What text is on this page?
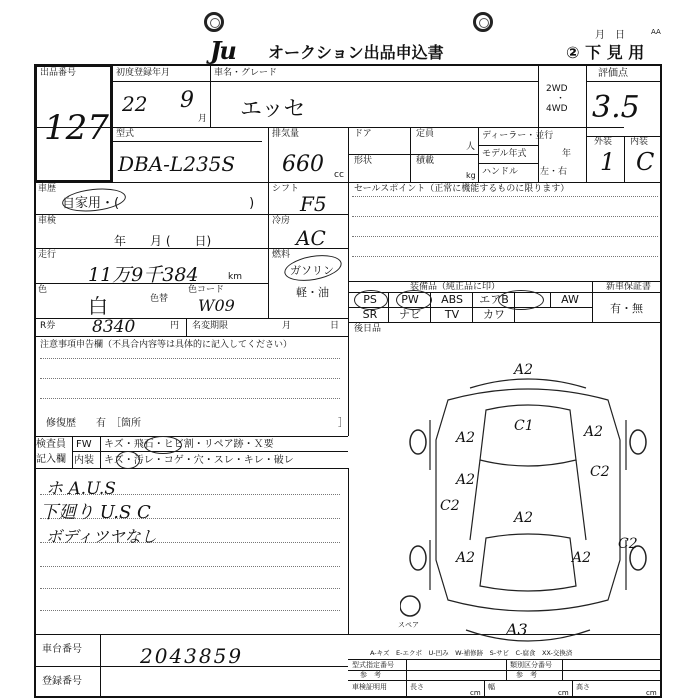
Ju オークション出品申込書
月　日	AA
② 下 見 用
出品番号
127
初度登録年月
22 9
月
車名・グレード
エッセ
2WD
・
4WD
評価点
3.5
外装 内装
1 C
型式
DBA-L235S
排気量
660 cc
ドア	定員
人
形状	積載
kg
ディーラー・並行
モデル年式	年
ハンドル 左・右
車歴
自家用・(　　　　　　　　　　)
シフト
F5
車検
年　　月 (　　日)
冷房
AC
走行
11万9千384	km
燃料
ガソリン
軽・油
色
白	色替
色コード
W09
セールスポイント（正常に機能するものに限ります）
装備品（純正品に印）	新車保証書
有・無
PS	PW	ABS	エアB	AW
SR	ナビ	TV	カワ
R券 8340	円 名変期限	月	日 後日品
注意事項申告欄（不具合内容等は具体的に記入してください）
修復歴　　有　［箇所	］
検査員
記入欄
FW キズ・飛石・ヒビ割・リペア跡・Ｘ要
内装 キズ・汚レ・コゲ・穴・スレ・キレ・破レ
ホ A.U.S
下廻り U.S C
ボディツヤなし
A2
A2	A2
C1
A2	C2
A2
C2
A2	A2
C2
A3
スペア
A-キズ　E-エクボ　U-凹み　W-補修跡　S-サビ　C-腐食　XX-交換済
車台番号	2043859
登録番号
型式指定番号
参　考
類別区分番号
参　考
車検証明用	長さ
cm
幅
cm
高さ
cm
